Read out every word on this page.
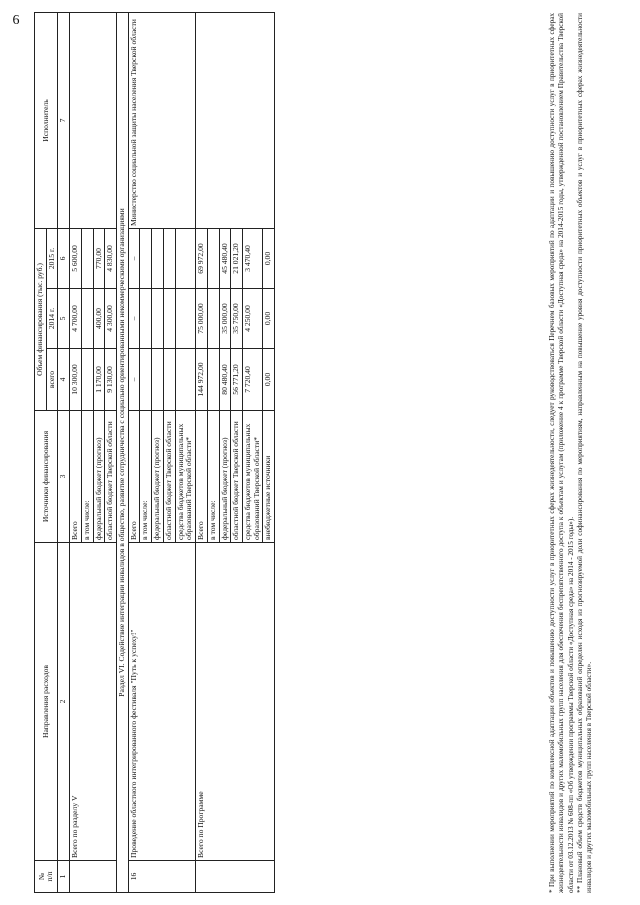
6
№
п/п	Направления расходов	Источники финансирования	Объем финансирования (тыс. руб.)			Исполнитель
			всего	2014 г.	2015 г.	

1	2	3	4	5	6	7
	Всего по разделу V	Всего	10 300,00	4 700,00	5 600,00	
		в том числе:				
		федеральный бюджет (прогноз)	1 170,00	400,00	770,00	
		областной бюджет Тверской области	9 130,00	4 300,00	4 830,00	
Раздел VI. Содействие интеграции инвалидов в общество, развитие сотрудничества с социально ориентированными некоммерческими организациями						
16	Проведение областного интегрированного фестиваля "Путь к успеху!"	Всего	–	–	–	Министерство социальной защиты населения Тверской области
		в том числе:				
		федеральный бюджет (прогноз)				
		областной бюджет Тверской области				
		средства бюджетов муниципальных образований Тверской области*				
	Всего по Программе	Всего	144 972,00	75 000,00	69 972,00	
		в том числе:				
		федеральный бюджет (прогноз)	80 480,40	35 000,00	45 480,40	
		областной бюджет Тверской области	56 771,20	35 750,00	21 021,20	
		средства бюджетов муниципальных образований Тверской области*	7 720,40	4 250,00	3 470,40	
		внебюджетные источники	0,00	0,00	0,00		* При выполнении мероприятий по комплексной адаптации объектов и повышению доступности услуг в приоритетных сферах жизнедеятельности, следует руководствоваться Перечнем базовых мероприятий по адаптации и повышению доступности услуг в приоритетных сферах жизнедеятельности инвалидов и других маломобильных групп населения для обеспечения беспрепятственного доступа к объектам и услугам (приложение 4 к программе Тверской области «Доступная среда» на 2014-2015 годы, утвержденной постановлением Правительства Тверской области от 03.12.2013 № 608-пп «Об утверждении программы Тверской области «Доступная среда» на 2014 - 2015 годы»). ** Плановый объем средств бюджетов муниципальных образований определен исходя из прогнозируемой доли софинансирования по мероприятиям, направленным на повышение уровня доступности приоритетных объектов и услуг в приоритетных сферах жизнедеятельности инвалидов и других маломобильных групп населения в Тверской области».
